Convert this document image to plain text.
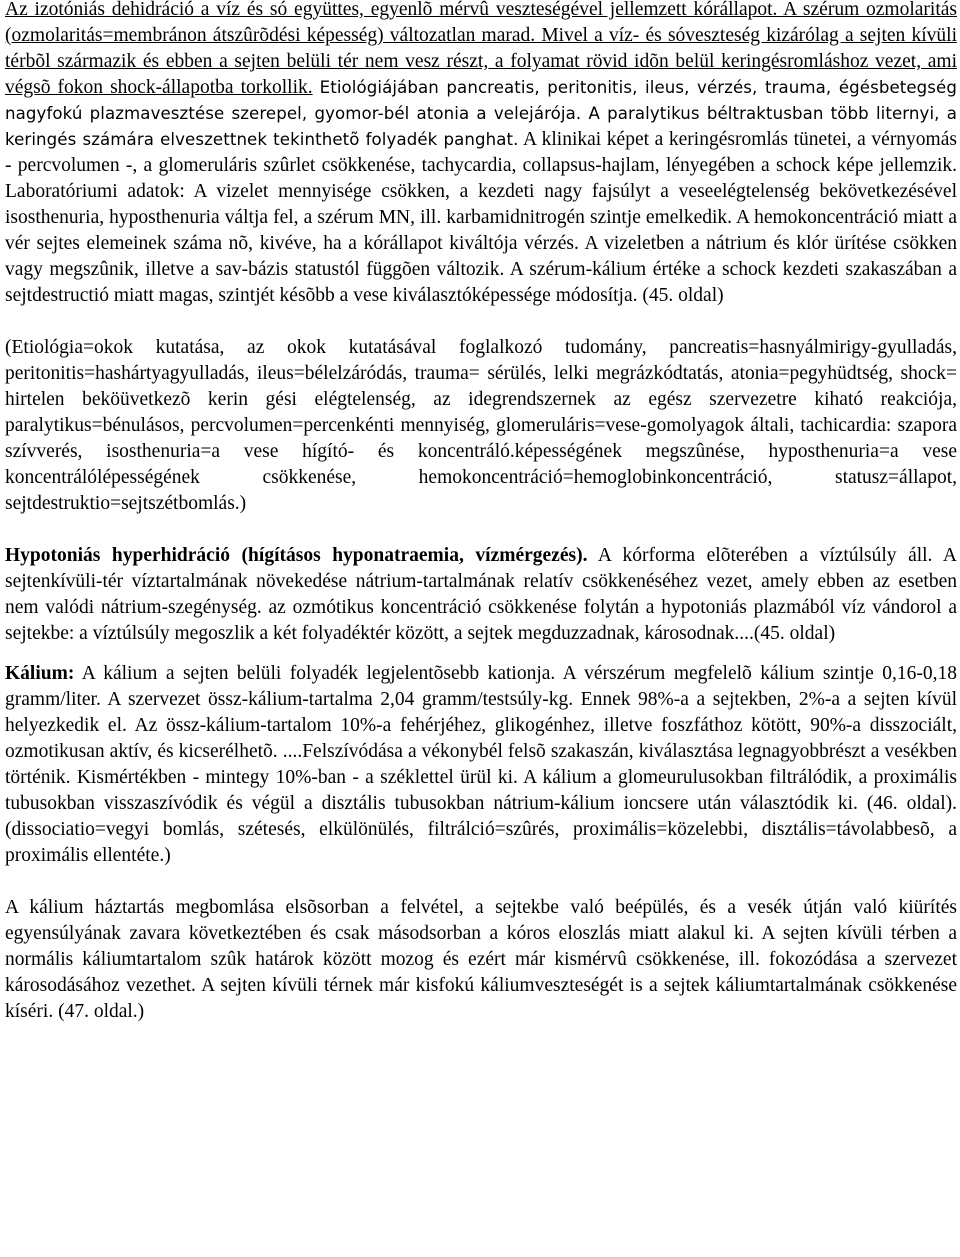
Az izotóniás dehidráció a víz és só együttes, egyenlõ mérvû veszteségével jellemzett kórállapot. A szérum ozmolaritás (ozmolaritás=membránon átszûrõdési képesség) változatlan marad. Mivel a víz- és sóveszteség kizárólag a sejten kívüli térbõl származik és ebben a sejten belüli tér nem vesz részt, a folyamat rövid idõn belül keringésromláshoz vezet, ami végsõ fokon shock-állapotba torkollik. Etiológiájában pancreatis, peritonitis, ileus, vérzés, trauma, égésbetegség nagyfokú plazmavesztése szerepel, gyomor-bél atonia a velejárója. A paralytikus béltraktusban több liternyi, a keringés számára elveszettnek tekinthetõ folyadék panghat. A klinikai képet a keringésromlás tünetei, a vérnyomás - percvolumen -, a glomeruláris szûrlet csökkenése, tachycardia, collapsus-hajlam, lényegében a schock képe jellemzik. Laboratóriumi adatok: A vizelet mennyisége csökken, a kezdeti nagy fajsúlyt a veseelégtelenség bekövetkezésével isosthenuria, hyposthenuria váltja fel, a szérum MN, ill. karbamidnitrogén szintje emelkedik. A hemokoncentráció miatt a vér sejtes elemeinek száma nõ, kivéve, ha a kórállapot kiváltója vérzés. A vizeletben a nátrium és klór ürítése csökken vagy megszûnik, illetve a sav-bázis statustól függõen változik. A szérum-kálium értéke a schock kezdeti szakaszában a sejtdestructió miatt magas, szintjét késõbb a vese kiválasztóképessége módosítja. (45. oldal)

(Etiológia=okok kutatása, az okok kutatásával foglalkozó tudomány, pancreatis=hasnyálmirigy-gyulladás, peritonitis=hashártyagyulladás, ileus=bélelzáródás, trauma= sérülés, lelki megrázkódtatás, atonia=pegyhüdtség, shock= hirtelen beköüvetkezõ kerin gési elégtelenség, az idegrendszernek az egész szervezetre kiható reakciója, paralytikus=bénulásos, percvolumen=percenkénti mennyiség, glomeruláris=vese-gomolyagok általi, tachicardia: szapora szívverés, isosthenuria=a vese hígító- és koncentráló.képességének megszûnése, hyposthenuria=a vese koncentrálólépességének csökkenése, hemokoncentráció=hemoglobinkoncentráció, statusz=állapot, sejtdestruktio=sejtszétbomlás.)

Hypotoniás hyperhidráció (hígításos hyponatraemia, vízmérgezés). A kórforma elõterében a víztúlsúly áll. A sejtenkívüli-tér víztartalmának növekedése nátrium-tartalmának relatív csökkenéséhez vezet, amely ebben az esetben nem valódi nátrium-szegénység. az ozmótikus koncentráció csökkenése folytán a hypotoniás plazmából víz vándorol a sejtekbe: a víztúlsúly megoszlik a két folyadéktér között, a sejtek megduzzadnak, károsodnak....(45. oldal)

Kálium: A kálium a sejten belüli folyadék legjelentõsebb kationja. A vérszérum megfelelõ kálium szintje 0,16-0,18 gramm/liter. A szervezet össz-kálium-tartalma 2,04 gramm/testsúly-kg. Ennek 98%-a a sejtekben, 2%-a a sejten kívül helyezkedik el. Az össz-kálium-tartalom 10%-a fehérjéhez, glikogénhez, illetve foszfáthoz kötött, 90%-a disszociált, ozmotikusan aktív, és kicserélhetõ. ....Felszívódása a vékonybél felsõ szakaszán, kiválasztása legnagyobbrészt a vesékben történik. Kismértékben - mintegy 10%-ban - a széklettel ürül ki. A kálium a glomeurulusokban filtrálódik, a proximális tubusokban visszaszívódik és végül a disztális tubusokban nátrium-kálium ioncsere után választódik ki. (46. oldal). (dissociatio=vegyi bomlás, szétesés, elkülönülés, filtrálció=szûrés, proximális=közelebbi, disztális=távolabbesõ, a proximális ellentéte.)

A kálium háztartás megbomlása elsõsorban a felvétel, a sejtekbe való beépülés, és a vesék útján való kiürítés egyensúlyának zavara következtében és csak másodsorban a kóros eloszlás miatt alakul ki. A sejten kívüli térben a normális káliumtartalom szûk határok között mozog és ezért már kismérvû csökkenése, ill. fokozódása a szervezet károsodásához vezethet. A sejten kívüli térnek már kisfokú káliumveszteségét is a sejtek káliumtartalmának csökkenése kíséri. (47. oldal.)
